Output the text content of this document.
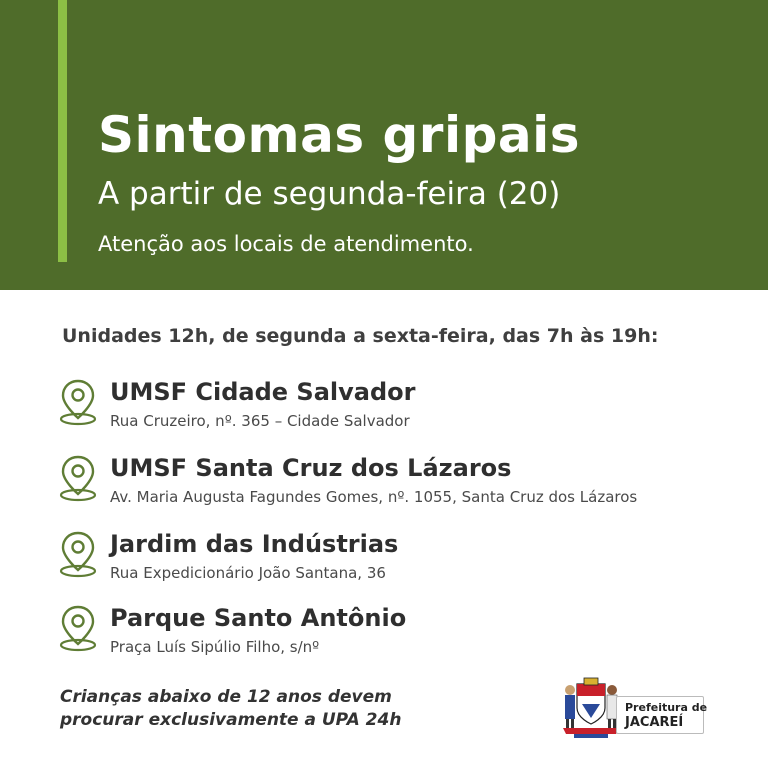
Sintomas gripais
A partir de segunda-feira (20)
Atenção aos locais de atendimento.
Unidades 12h, de segunda a sexta-feira, das 7h às 19h:
UMSF Cidade Salvador
Rua Cruzeiro, nº. 365 – Cidade Salvador
UMSF Santa Cruz dos Lázaros
Av. Maria Augusta Fagundes Gomes, nº. 1055, Santa Cruz dos Lázaros
Jardim das Indústrias
Rua Expedicionário João Santana, 36
Parque Santo Antônio
Praça Luís Sipúlio Filho, s/nº
Crianças abaixo de 12 anos devem
procurar exclusivamente a UPA 24h
Prefeitura de
JACAREÍ
